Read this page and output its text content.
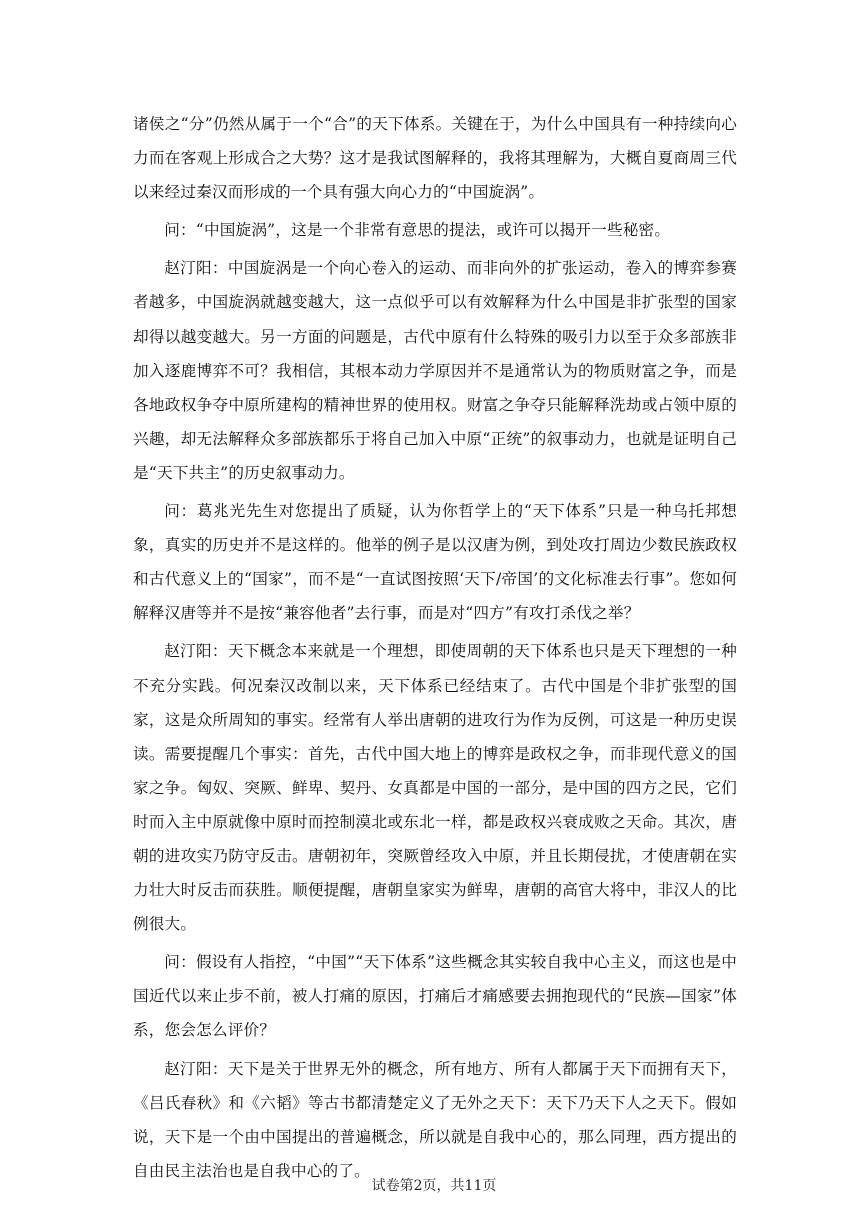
诸侯之“分”仍然从属于一个“合”的天下体系。关键在于，为什么中国具有一种持续向心力而在客观上形成合之大势？这才是我试图解释的，我将其理解为，大概自夏商周三代以来经过秦汉而形成的一个具有强大向心力的“中国旋涡”。

问：“中国旋涡”，这是一个非常有意思的提法，或许可以揭开一些秘密。

赵汀阳：中国旋涡是一个向心卷入的运动、而非向外的扩张运动，卷入的博弈参赛者越多，中国旋涡就越变越大，这一点似乎可以有效解释为什么中国是非扩张型的国家却得以越变越大。另一方面的问题是，古代中原有什么特殊的吸引力以至于众多部族非加入逐鹿博弈不可？我相信，其根本动力学原因并不是通常认为的物质财富之争，而是各地政权争夺中原所建构的精神世界的使用权。财富之争夺只能解释洗劫或占领中原的兴趣，却无法解释众多部族都乐于将自己加入中原“正统”的叙事动力，也就是证明自己是“天下共主”的历史叙事动力。

问：葛兆光先生对您提出了质疑，认为你哲学上的“天下体系”只是一种乌托邦想象，真实的历史并不是这样的。他举的例子是以汉唐为例，到处攻打周边少数民族政权和古代意义上的“国家”，而不是“一直试图按照‘天下/帝国’的文化标准去行事”。您如何解释汉唐等并不是按“兼容他者”去行事，而是对“四方”有攻打杀伐之举？

赵汀阳：天下概念本来就是一个理想，即使周朝的天下体系也只是天下理想的一种不充分实践。何况秦汉改制以来，天下体系已经结束了。古代中国是个非扩张型的国家，这是众所周知的事实。经常有人举出唐朝的进攻行为作为反例，可这是一种历史误读。需要提醒几个事实：首先，古代中国大地上的博弈是政权之争，而非现代意义的国家之争。匈奴、突厥、鲜卑、契丹、女真都是中国的一部分，是中国的四方之民，它们时而入主中原就像中原时而控制漠北或东北一样，都是政权兴衰成败之天命。其次，唐朝的进攻实乃防守反击。唐朝初年，突厥曾经攻入中原，并且长期侵扰，才使唐朝在实力壮大时反击而获胜。顺便提醒，唐朝皇家实为鲜卑，唐朝的高官大将中，非汉人的比例很大。

问：假设有人指控，“中国”“天下体系”这些概念其实较自我中心主义，而这也是中国近代以来止步不前，被人打痛的原因，打痛后才痛感要去拥抱现代的“民族—国家”体系，您会怎么评价？

赵汀阳：天下是关于世界无外的概念，所有地方、所有人都属于天下而拥有天下，《吕氏春秋》和《六韬》等古书都清楚定义了无外之天下：天下乃天下人之天下。假如说，天下是一个由中国提出的普遍概念，所以就是自我中心的，那么同理，西方提出的自由民主法治也是自我中心的了。

试卷第2页，共11页
